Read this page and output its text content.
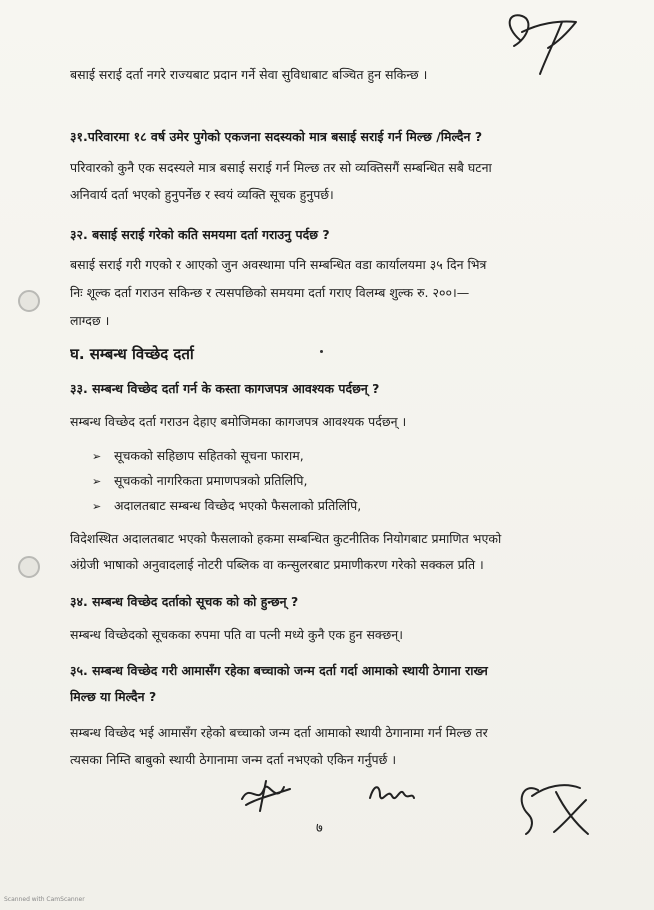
बसाई सराई दर्ता नगरे राज्यबाट प्रदान गर्ने सेवा सुविधाबाट बञ्चित हुन सकिन्छ ।
३१.परिवारमा १८ वर्ष उमेर पुगेको एकजना सदस्यको मात्र बसाई सराई गर्न मिल्छ /मिल्दैन ?
परिवारको कुनै एक सदस्यले मात्र बसाई सराई गर्न मिल्छ तर सो व्यक्तिसगैं सम्बन्धित सबै घटना
अनिवार्य दर्ता भएको हुनुपर्नेछ र स्वयं व्यक्ति सूचक हुनुपर्छ।
३२. बसाई सराई गरेको कति समयमा दर्ता गराउनु पर्दछ ?
बसाई सराई गरी गएको र आएको जुन अवस्थामा पनि सम्बन्धित वडा कार्यालयमा ३५ दिन भित्र
निः शूल्क दर्ता गराउन सकिन्छ र त्यसपछिको समयमा दर्ता गराए विलम्ब शुल्क रु. २००।—
लाग्दछ ।
घ. सम्बन्ध विच्छेद दर्ता
३३. सम्बन्ध विच्छेद दर्ता गर्न के कस्ता कागजपत्र आवश्यक पर्दछन् ?
सम्बन्ध विच्छेद दर्ता गराउन देहाए बमोजिमका कागजपत्र आवश्यक पर्दछन् ।
➢ सूचकको सहिछाप सहितको सूचना फाराम,
➢ सूचकको नागरिकता प्रमाणपत्रको प्रतिलिपि,
➢ अदालतबाट सम्बन्ध विच्छेद भएको फैसलाको प्रतिलिपि,
विदेशस्थित अदालतबाट भएको फैसलाको हकमा सम्बन्धित कुटनीतिक नियोगबाट प्रमाणित भएको
अंग्रेजी भाषाको अनुवादलाई नोटरी पब्लिक वा कन्सुलरबाट प्रमाणीकरण गरेको सक्कल प्रति ।
३४. सम्बन्ध विच्छेद दर्ताको सूचक को को हुन्छन् ?
सम्बन्ध विच्छेदको सूचकका रुपमा पति वा पत्नी मध्ये कुनै एक हुन सक्छन्।
३५. सम्बन्ध विच्छेद गरी आमासँग रहेका बच्चाको जन्म दर्ता गर्दा आमाको स्थायी ठेगाना राख्न
मिल्छ या मिल्दैन ?
सम्बन्ध विच्छेद भई आमासँग रहेको बच्चाको जन्म दर्ता आमाको स्थायी ठेगानामा गर्न मिल्छ तर
त्यसका निम्ति बाबुको स्थायी ठेगानामा जन्म दर्ता नभएको एकिन गर्नुपर्छ ।
७
Scanned with CamScanner
